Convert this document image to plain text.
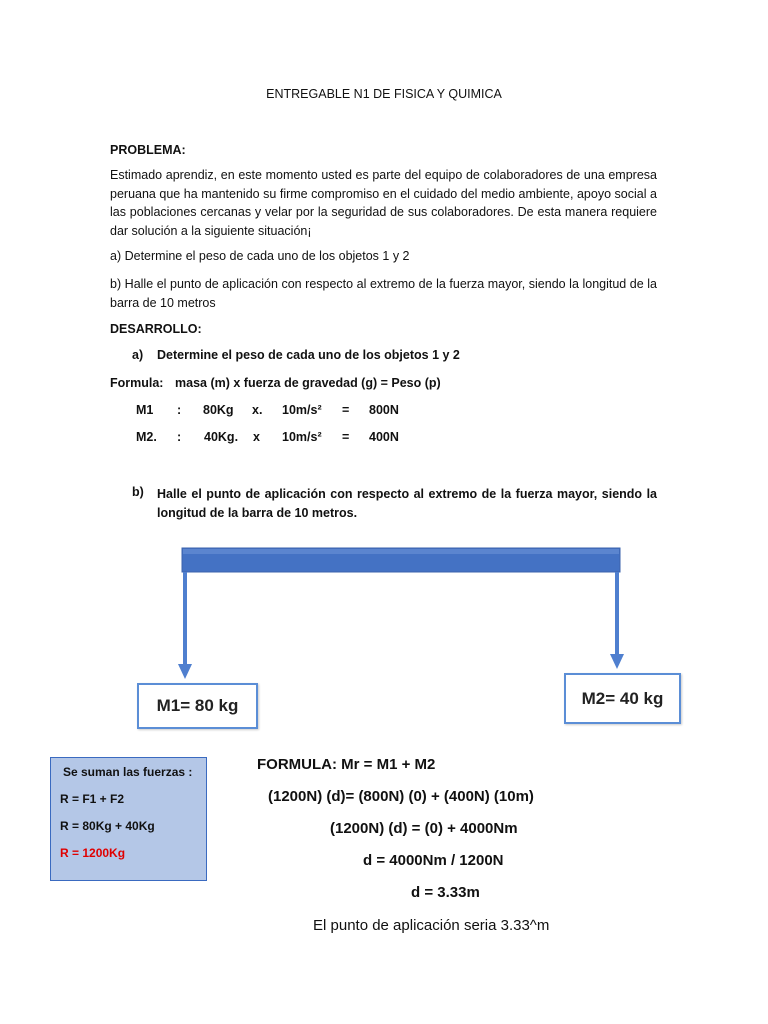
ENTREGABLE N1 DE FISICA Y QUIMICA
PROBLEMA:
Estimado aprendiz, en este momento usted es parte del equipo de colaboradores de una empresa peruana que ha mantenido su firme compromiso en el cuidado del medio ambiente, apoyo social a las poblaciones cercanas y velar por la seguridad de sus colaboradores. De esta manera requiere dar solución a la siguiente situación¡
a) Determine el peso de cada uno de los objetos 1 y 2
b) Halle el punto de aplicación con respecto al extremo de la fuerza mayor, siendo la longitud de la barra de 10 metros
DESARROLLO:
a) Determine el peso de cada uno de los objetos 1 y 2
Formula: masa (m) x fuerza de gravedad (g) = Peso (p)
M1 : 80Kg x. 10m/s² = 800N
M2. : 40Kg. x 10m/s² = 400N
b) Halle el punto de aplicación con respecto al extremo de la fuerza mayor, siendo la longitud de la barra de 10 metros.
M1= 80 kg	M2= 40 kg
Se suman las fuerzas :
R = F1 + F2
R = 80Kg + 40Kg
R = 1200Kg
FORMULA: Mr = M1 + M2
(1200N) (d)= (800N) (0) + (400N) (10m)
(1200N) (d) = (0) + 4000Nm
d = 4000Nm / 1200N
d = 3.33m
El punto de aplicación seria 3.33^m
